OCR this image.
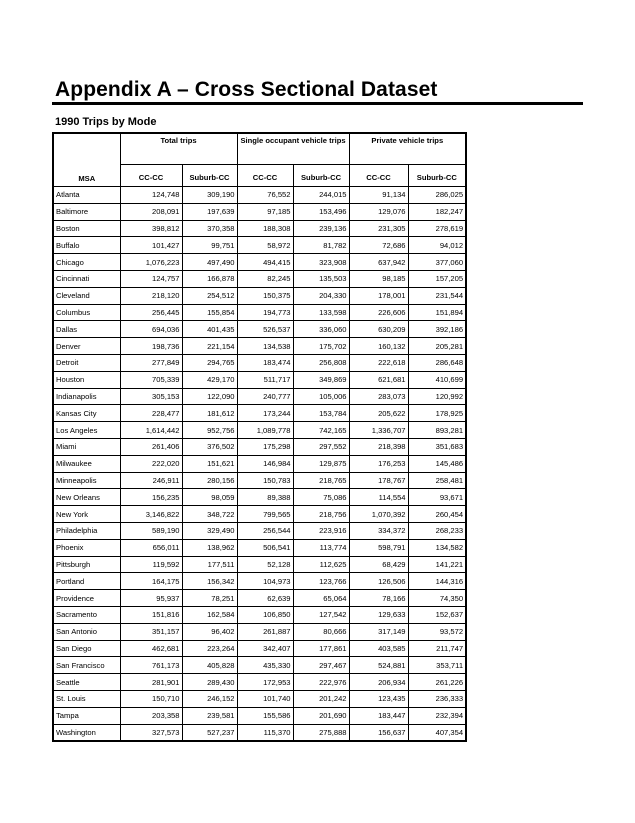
Appendix A – Cross Sectional Dataset
1990 Trips by Mode
MSA	Total trips		Single occupant vehicle trips		Private vehicle trips	
	CC-CC	Suburb-CC	CC-CC	Suburb-CC	CC-CC	Suburb-CC
Atlanta	124,748	309,190	76,552	244,015	91,134	286,025
Baltimore	208,091	197,639	97,185	153,496	129,076	182,247
Boston	398,812	370,358	188,308	239,136	231,305	278,619
Buffalo	101,427	99,751	58,972	81,782	72,686	94,012
Chicago	1,076,223	497,490	494,415	323,908	637,942	377,060
Cincinnati	124,757	166,878	82,245	135,503	98,185	157,205
Cleveland	218,120	254,512	150,375	204,330	178,001	231,544
Columbus	256,445	155,854	194,773	133,598	226,606	151,894
Dallas	694,036	401,435	526,537	336,060	630,209	392,186
Denver	198,736	221,154	134,538	175,702	160,132	205,281
Detroit	277,849	294,765	183,474	256,808	222,618	286,648
Houston	705,339	429,170	511,717	349,869	621,681	410,699
Indianapolis	305,153	122,090	240,777	105,006	283,073	120,992
Kansas City	228,477	181,612	173,244	153,784	205,622	178,925
Los Angeles	1,614,442	952,756	1,089,778	742,165	1,336,707	893,281
Miami	261,406	376,502	175,298	297,552	218,398	351,683
Milwaukee	222,020	151,621	146,984	129,875	176,253	145,486
Minneapolis	246,911	280,156	150,783	218,765	178,767	258,481
New Orleans	156,235	98,059	89,388	75,086	114,554	93,671
New York	3,146,822	348,722	799,565	218,756	1,070,392	260,454
Philadelphia	589,190	329,490	256,544	223,916	334,372	268,233
Phoenix	656,011	138,962	506,541	113,774	598,791	134,582
Pittsburgh	119,592	177,511	52,128	112,625	68,429	141,221
Portland	164,175	156,342	104,973	123,766	126,506	144,316
Providence	95,937	78,251	62,639	65,064	78,166	74,350
Sacramento	151,816	162,584	106,850	127,542	129,633	152,637
San Antonio	351,157	96,402	261,887	80,666	317,149	93,572
San Diego	462,681	223,264	342,407	177,861	403,585	211,747
San Francisco	761,173	405,828	435,330	297,467	524,881	353,711
Seattle	281,901	289,430	172,953	222,976	206,934	261,226
St. Louis	150,710	246,152	101,740	201,242	123,435	236,333
Tampa	203,358	239,581	155,586	201,690	183,447	232,394
Washington	327,573	527,237	115,370	275,888	156,637	407,354
